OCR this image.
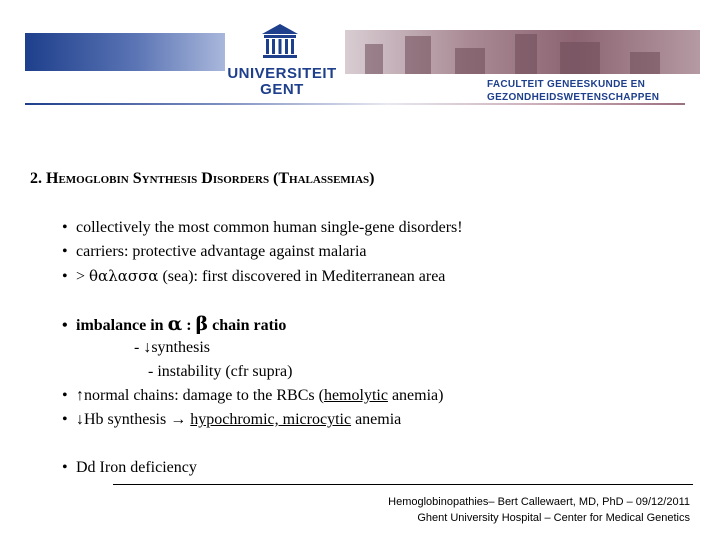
UNIVERSITEIT
GENT	FACULTEIT GENEESKUNDE EN
GEZONDHEIDSWETENSCHAPPEN
2. Hemoglobin Synthesis Disorders (Thalassemias)
• collectively the most common human single-gene disorders!
• carriers: protective advantage against malaria
• > θαλασσα (sea): first discovered in Mediterranean area
• imbalance in α : β chain ratio
- ↓synthesis
- instability (cfr supra)
• ↑normal chains: damage to the RBCs (hemolytic anemia)
• ↓Hb synthesis → hypochromic, microcytic anemia
• Dd Iron deficiency
Hemoglobinopathies– Bert Callewaert, MD, PhD – 09/12/2011
Ghent University Hospital – Center for Medical Genetics
